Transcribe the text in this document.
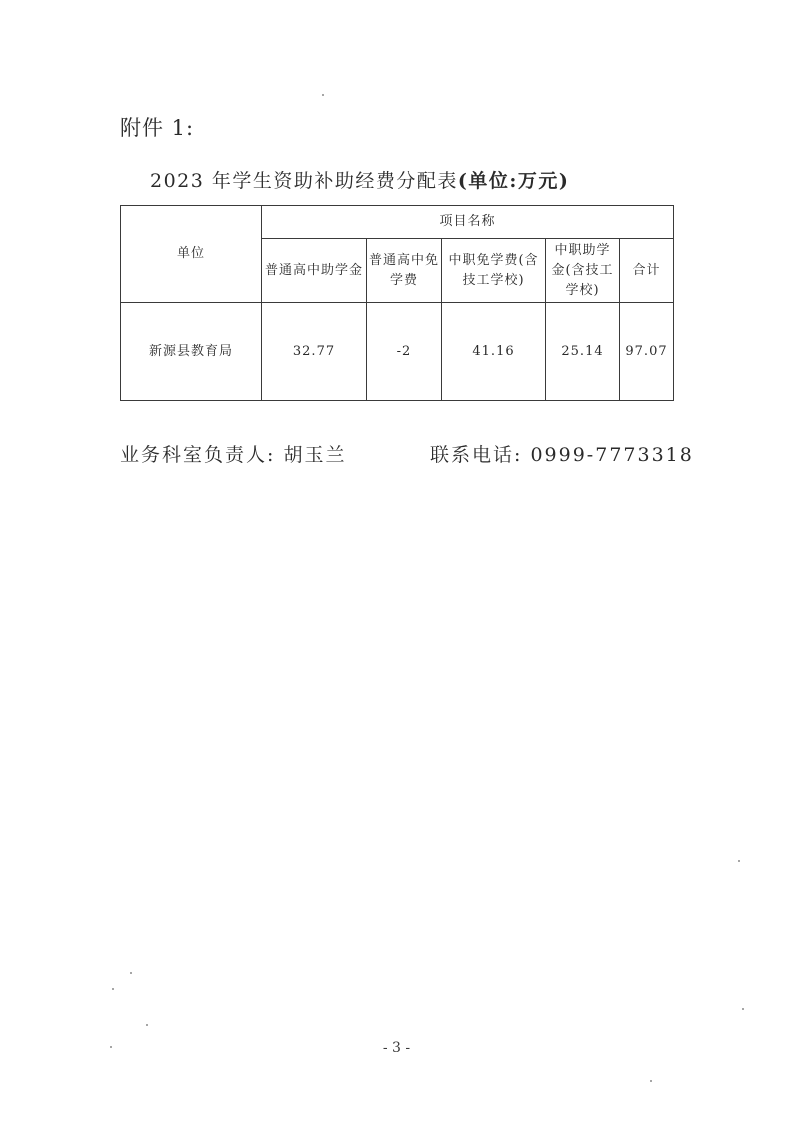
附件 1:
2023 年学生资助补助经费分配表(单位:万元)
单位	项目名称				
	普通高中助学金	普通高中免学费	中职免学费(含技工学校)	中职助学金(含技工学校)	合计
新源县教育局	32.77	-2	41.16	25.14	97.07
业务科室负责人: 胡玉兰	联系电话: 0999-7773318
- 3 -
